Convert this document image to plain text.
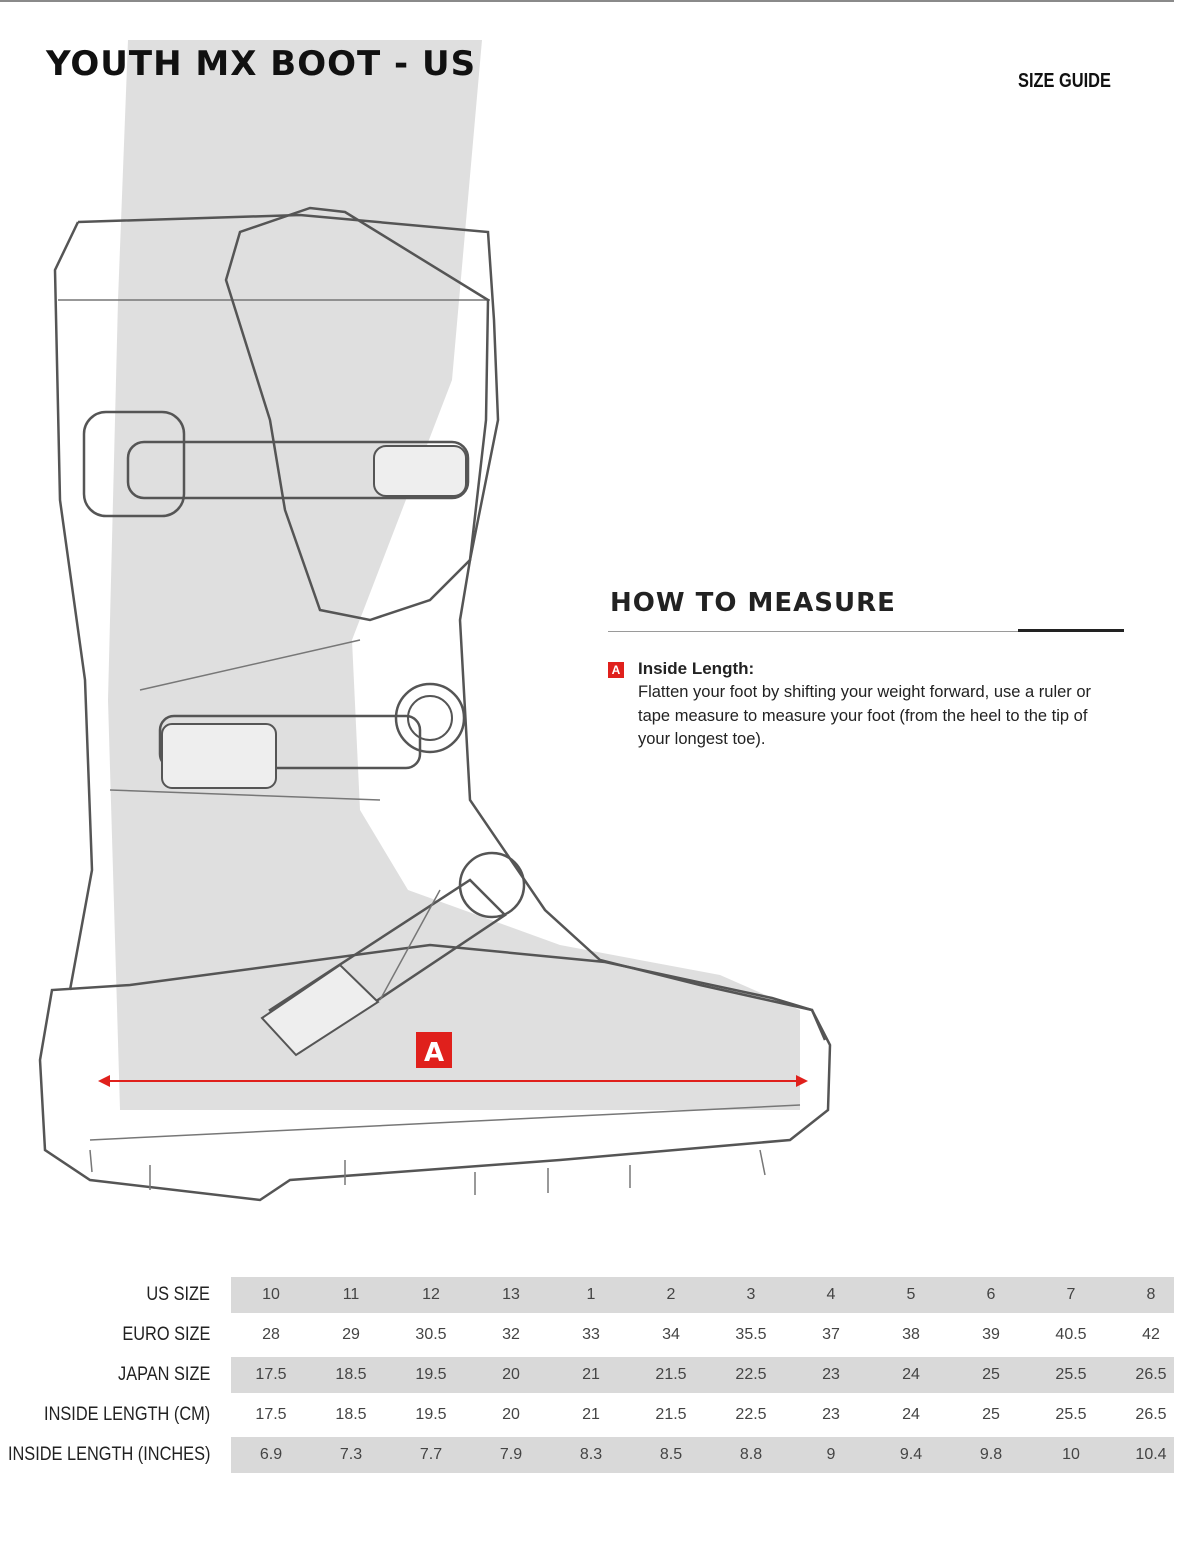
YOUTH MX BOOT - US	SIZE GUIDE
A
HOW TO MEASURE
A Inside Length:
Flatten your foot by shifting your weight forward, use a ruler or tape measure to measure your foot (from the heel to the tip of your longest toe).
US SIZE	10	11	12	13	1	2	3	4	5	6	7	8
EURO SIZE	28	29	30.5	32	33	34	35.5	37	38	39	40.5	42
JAPAN SIZE	17.5	18.5	19.5	20	21	21.5	22.5	23	24	25	25.5	26.5
INSIDE LENGTH (CM)	17.5	18.5	19.5	20	21	21.5	22.5	23	24	25	25.5	26.5
INSIDE LENGTH (INCHES)	6.9	7.3	7.7	7.9	8.3	8.5	8.8	9	9.4	9.8	10	10.4
